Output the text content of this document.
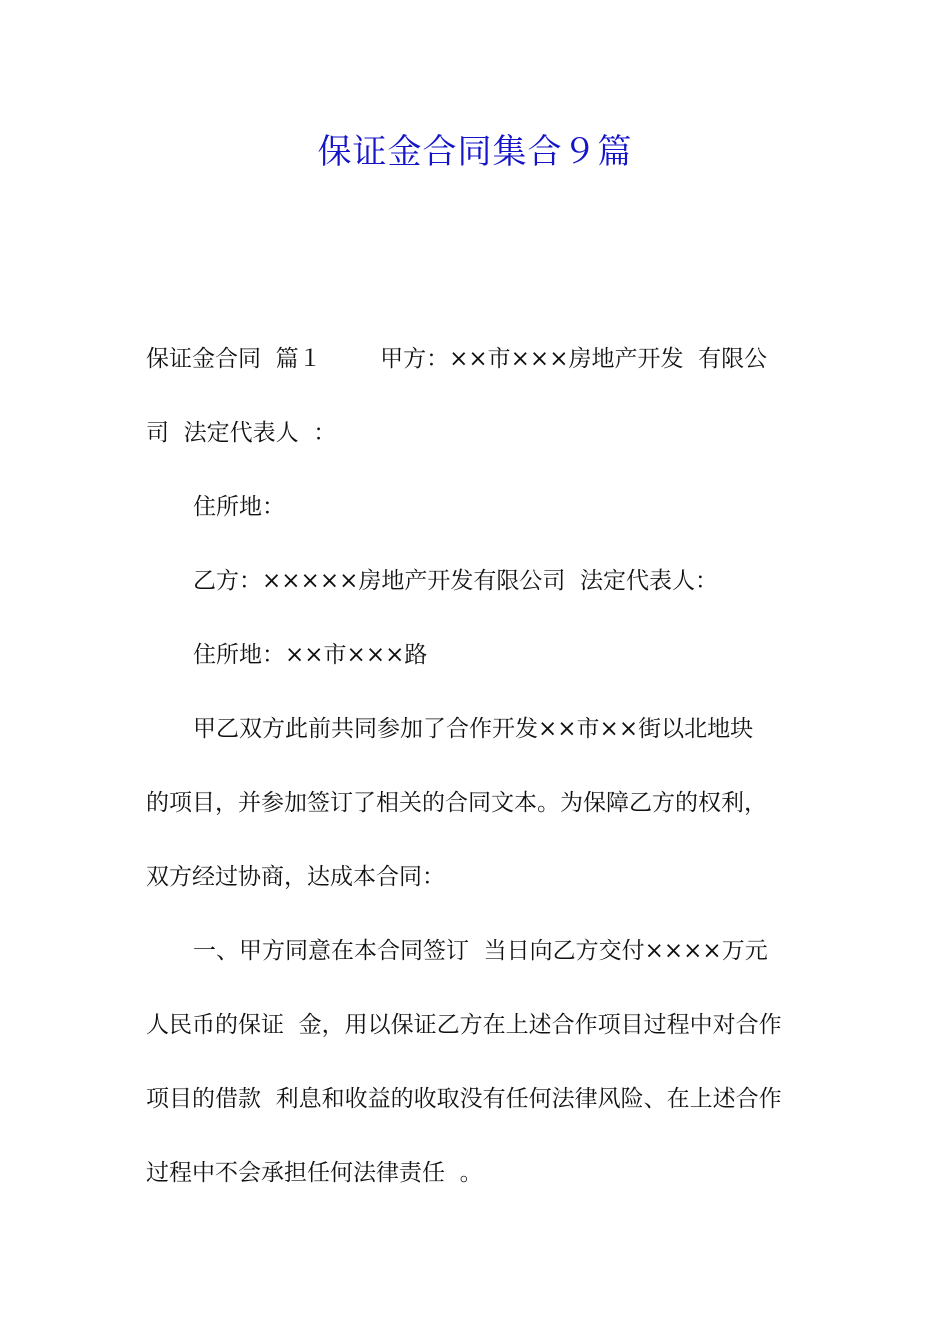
保证金合同集合９篇
保证金合同  篇１        甲方：××市×××房地产开发  有限公
司  法定代表人  ：
住所地：
乙方：×××××房地产开发有限公司  法定代表人：
住所地：××市×××路
甲乙双方此前共同参加了合作开发××市××街以北地块
的项目，并参加签订了相关的合同文本。为保障乙方的权利，
双方经过协商，达成本合同：
一、甲方同意在本合同签订  当日向乙方交付××××万元
人民币的保证  金，用以保证乙方在上述合作项目过程中对合作
项目的借款  利息和收益的收取没有任何法律风险、在上述合作
过程中不会承担任何法律责任  。
